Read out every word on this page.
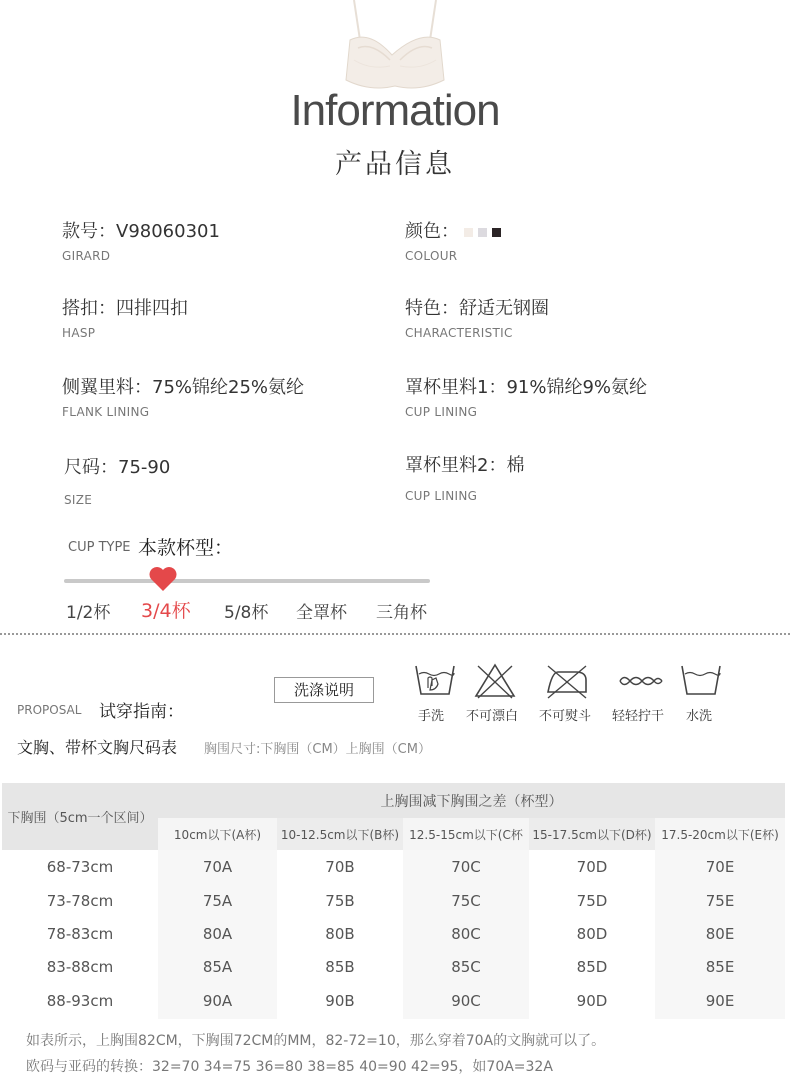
Information
产品信息
款号：V98060301
GIRARD
颜色：
COLOUR
搭扣：四排四扣
HASP
特色：舒适无钢圈
CHARACTERISTIC
侧翼里料：75%锦纶25%氨纶
FLANK LINING
罩杯里料1：91%锦纶9%氨纶
CUP LINING
尺码：75-90
SIZE
罩杯里料2：棉
CUP LINING
CUP TYPE 本款杯型：
1/2杯 3/4杯 5/8杯 全罩杯 三角杯
洗涤说明
PROPOSAL 试穿指南：	手洗 不可漂白 不可熨斗 轻轻拧干 水洗
文胸、带杯文胸尺码表 胸围尺寸:下胸围（CM）上胸围（CM）
下胸围（5cm一个区间）	上胸围减下胸围之差（杯型）				
	10cm以下(A杯)	10-12.5cm以下(B杯)	12.5-15cm以下(C杯	15-17.5cm以下(D杯)	17.5-20cm以下(E杯)
68-73cm	70A	70B	70C	70D	70E
73-78cm	75A	75B	75C	75D	75E
78-83cm	80A	80B	80C	80D	80E
83-88cm	85A	85B	85C	85D	85E
88-93cm	90A	90B	90C	90D	90E
如表所示，上胸围82CM，下胸围72CM的MM，82-72=10，那么穿着70A的文胸就可以了。
欧码与亚码的转换：32=70 34=75 36=80 38=85 40=90 42=95，如70A=32A
